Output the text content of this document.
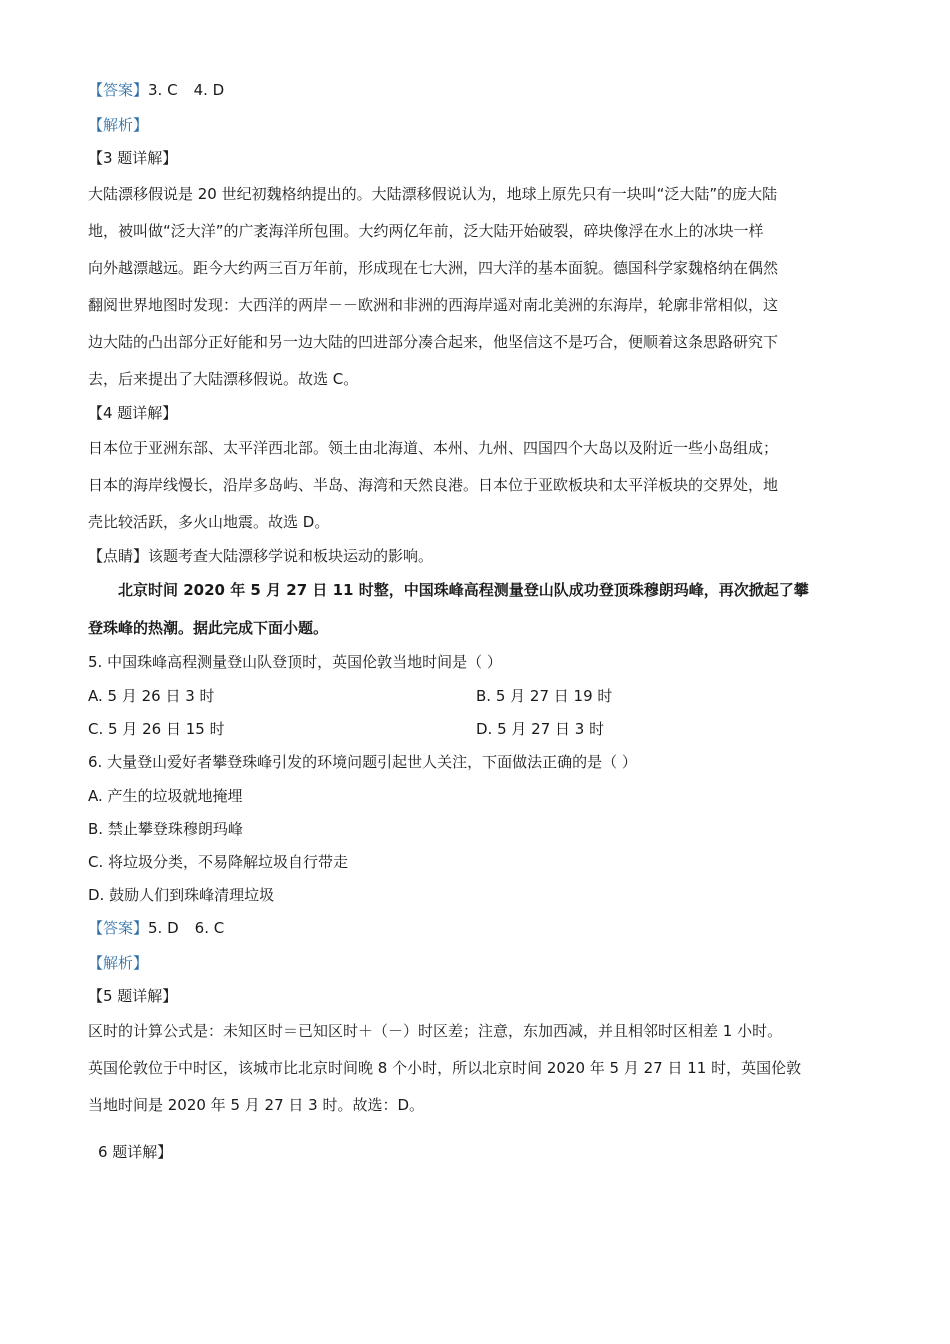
【答案】3. C 4. D
【解析】
【3 题详解】
大陆漂移假说是 20 世纪初魏格纳提出的。大陆漂移假说认为，地球上原先只有一块叫“泛大陆”的庞大陆
地，被叫做“泛大洋”的广袤海洋所包围。大约两亿年前，泛大陆开始破裂，碎块像浮在水上的冰块一样
向外越漂越远。距今大约两三百万年前，形成现在七大洲，四大洋的基本面貌。德国科学家魏格纳在偶然
翻阅世界地图时发现：大西洋的两岸－－欧洲和非洲的西海岸遥对南北美洲的东海岸，轮廓非常相似，这
边大陆的凸出部分正好能和另一边大陆的凹进部分凑合起来，他坚信这不是巧合，便顺着这条思路研究下
去，后来提出了大陆漂移假说。故选 C。
【4 题详解】
日本位于亚洲东部、太平洋西北部。领土由北海道、本州、九州、四国四个大岛以及附近一些小岛组成；
日本的海岸线慢长，沿岸多岛屿、半岛、海湾和天然良港。日本位于亚欧板块和太平洋板块的交界处，地
壳比较活跃，多火山地震。故选 D。
【点睛】该题考查大陆漂移学说和板块运动的影响。
北京时间 2020 年 5 月 27 日 11 时整，中国珠峰高程测量登山队成功登顶珠穆朗玛峰，再次掀起了攀
登珠峰的热潮。据此完成下面小题。
5. 中国珠峰高程测量登山队登顶时，英国伦敦当地时间是（ ）
A. 5 月 26 日 3 时	B. 5 月 27 日 19 时
C. 5 月 26 日 15 时	D. 5 月 27 日 3 时
6. 大量登山爱好者攀登珠峰引发的环境问题引起世人关注，下面做法正确的是（ ）
A. 产生的垃圾就地掩埋
B. 禁止攀登珠穆朗玛峰
C. 将垃圾分类，不易降解垃圾自行带走
D. 鼓励人们到珠峰清理垃圾
【答案】5. D 6. C
【解析】
【5 题详解】
区时的计算公式是：未知区时＝已知区时＋（－）时区差；注意，东加西减，并且相邻时区相差 1 小时。
英国伦敦位于中时区，该城市比北京时间晚 8 个小时，所以北京时间 2020 年 5 月 27 日 11 时，英国伦敦
当地时间是 2020 年 5 月 27 日 3 时。故选：D。
6 题详解】
